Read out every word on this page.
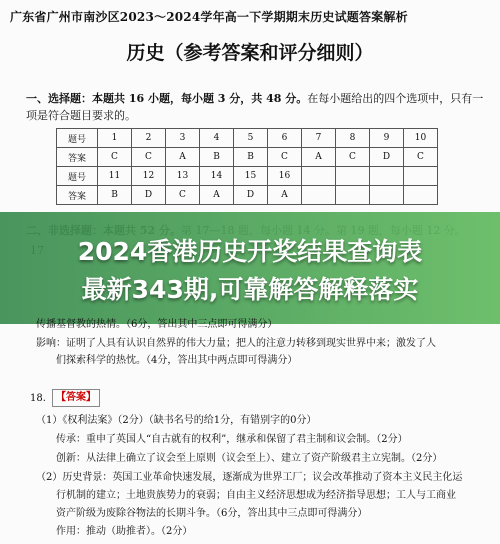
广东省广州市南沙区2023～2024学年高一下学期期末历史试题答案解析
历史（参考答案和评分细则）
一、选择题：本题共 16 小题，每小题 3 分，共 48 分。在每小题给出的四个选项中，只有一项是符合题目要求的。
题号	1	2	3	4	5	6	7	8	9	10
答案	C	C	A	B	B	C	A	C	D	C
题号	11	12	13	14	15	16				
答案	B	D	C	A	D	A				
2024香港历史开奖结果查询表
最新343期,可靠解答解释落实
传播基督教的热情。（6分，答出其中三点即可得满分）
影响：证明了人具有认识自然界的伟大力量；把人的注意力转移到现实世界中来；激发了人
们探索科学的热忱。（4分，答出其中两点即可得满分）
18.	【答案】
（1）《权利法案》（2分）（缺书名号的给1分，有错别字的0分）
传承：重申了英国人“自古就有的权利”，继承和保留了君主制和议会制。（2分）
创新：从法律上确立了议会至上原则（议会至上）、建立了资产阶级君主立宪制。（2分）
（2）历史背景：英国工业革命快速发展，逐渐成为世界工厂；议会改革推动了资本主义民主化运
行机制的建立；土地贵族势力的衰弱；自由主义经济思想成为经济指导思想；工人与工商业
资产阶级为废除谷物法的长期斗争。（6分，答出其中三点即可得满分）
作用：推动（助推者）。（2分）
